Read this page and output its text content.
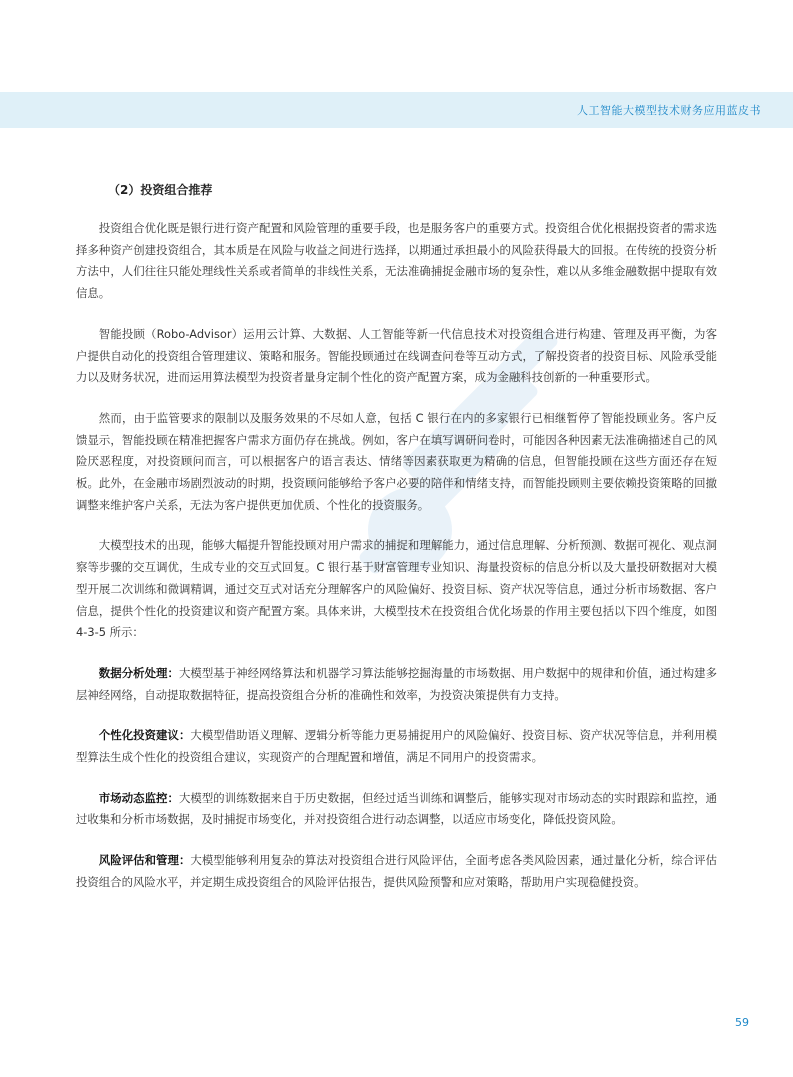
人工智能大模型技术财务应用蓝皮书
（2）投资组合推荐

投资组合优化既是银行进行资产配置和风险管理的重要手段，也是服务客户的重要方式。投资组合优化根据投资者的需求选择多种资产创建投资组合，其本质是在风险与收益之间进行选择，以期通过承担最小的风险获得最大的回报。在传统的投资分析方法中，人们往往只能处理线性关系或者简单的非线性关系，无法准确捕捉金融市场的复杂性，难以从多维金融数据中提取有效信息。

智能投顾（Robo-Advisor）运用云计算、大数据、人工智能等新一代信息技术对投资组合进行构建、管理及再平衡，为客户提供自动化的投资组合管理建议、策略和服务。智能投顾通过在线调查问卷等互动方式，了解投资者的投资目标、风险承受能力以及财务状况，进而运用算法模型为投资者量身定制个性化的资产配置方案，成为金融科技创新的一种重要形式。

然而，由于监管要求的限制以及服务效果的不尽如人意，包括 C 银行在内的多家银行已相继暂停了智能投顾业务。客户反馈显示，智能投顾在精准把握客户需求方面仍存在挑战。例如，客户在填写调研问卷时，可能因各种因素无法准确描述自己的风险厌恶程度，对投资顾问而言，可以根据客户的语言表达、情绪等因素获取更为精确的信息，但智能投顾在这些方面还存在短板。此外，在金融市场剧烈波动的时期，投资顾问能够给予客户必要的陪伴和情绪支持，而智能投顾则主要依赖投资策略的回撤调整来维护客户关系，无法为客户提供更加优质、个性化的投资服务。

大模型技术的出现，能够大幅提升智能投顾对用户需求的捕捉和理解能力，通过信息理解、分析预测、数据可视化、观点洞察等步骤的交互调优，生成专业的交互式回复。C 银行基于财富管理专业知识、海量投资标的信息分析以及大量投研数据对大模型开展二次训练和微调精调，通过交互式对话充分理解客户的风险偏好、投资目标、资产状况等信息，通过分析市场数据、客户信息，提供个性化的投资建议和资产配置方案。具体来讲，大模型技术在投资组合优化场景的作用主要包括以下四个维度，如图 4-3-5 所示：

数据分析处理：大模型基于神经网络算法和机器学习算法能够挖掘海量的市场数据、用户数据中的规律和价值，通过构建多层神经网络，自动提取数据特征，提高投资组合分析的准确性和效率，为投资决策提供有力支持。

个性化投资建议：大模型借助语义理解、逻辑分析等能力更易捕捉用户的风险偏好、投资目标、资产状况等信息，并利用模型算法生成个性化的投资组合建议，实现资产的合理配置和增值，满足不同用户的投资需求。

市场动态监控：大模型的训练数据来自于历史数据，但经过适当训练和调整后，能够实现对市场动态的实时跟踪和监控，通过收集和分析市场数据，及时捕捉市场变化，并对投资组合进行动态调整，以适应市场变化，降低投资风险。

风险评估和管理：大模型能够利用复杂的算法对投资组合进行风险评估，全面考虑各类风险因素，通过量化分析，综合评估投资组合的风险水平，并定期生成投资组合的风险评估报告，提供风险预警和应对策略，帮助用户实现稳健投资。

59
